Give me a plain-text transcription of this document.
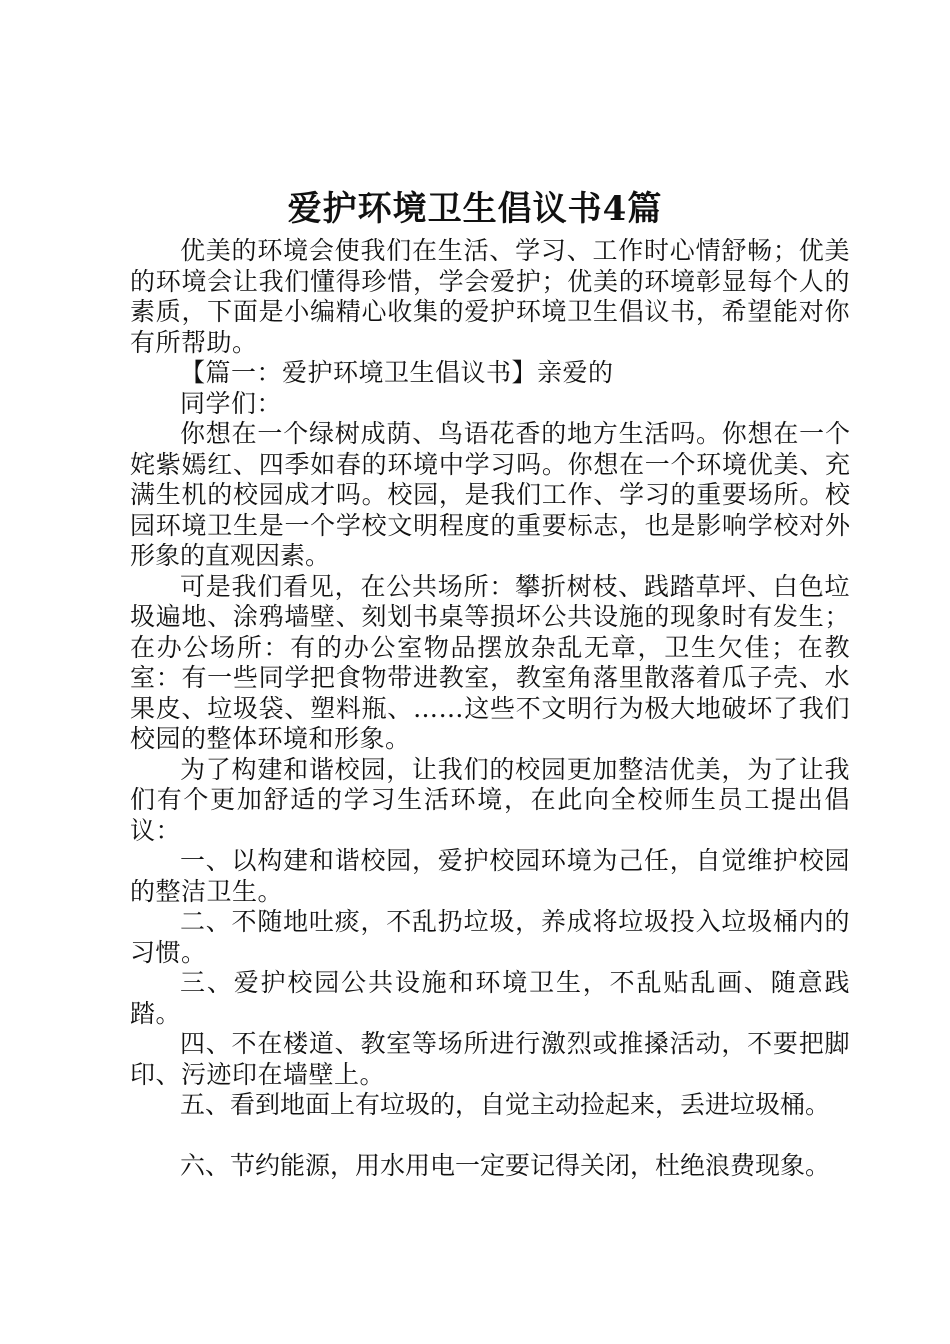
爱护环境卫生倡议书4篇

优美的环境会使我们在生活、学习、工作时心情舒畅；优美的环境会让我们懂得珍惜，学会爱护；优美的环境彰显每个人的素质，下面是小编精心收集的爱护环境卫生倡议书，希望能对你有所帮助。

【篇一：爱护环境卫生倡议书】亲爱的

同学们：

你想在一个绿树成荫、鸟语花香的地方生活吗。你想在一个姹紫嫣红、四季如春的环境中学习吗。你想在一个环境优美、充满生机的校园成才吗。校园，是我们工作、学习的重要场所。校园环境卫生是一个学校文明程度的重要标志，也是影响学校对外形象的直观因素。

可是我们看见，在公共场所：攀折树枝、践踏草坪、白色垃圾遍地、涂鸦墙壁、刻划书桌等损坏公共设施的现象时有发生；在办公场所：有的办公室物品摆放杂乱无章，卫生欠佳；在教室：有一些同学把食物带进教室，教室角落里散落着瓜子壳、水果皮、垃圾袋、塑料瓶、……这些不文明行为极大地破坏了我们校园的整体环境和形象。

为了构建和谐校园，让我们的校园更加整洁优美，为了让我们有个更加舒适的学习生活环境，在此向全校师生员工提出倡议：

一、以构建和谐校园，爱护校园环境为己任，自觉维护校园的整洁卫生。

二、不随地吐痰，不乱扔垃圾，养成将垃圾投入垃圾桶内的习惯。

三、爱护校园公共设施和环境卫生，不乱贴乱画、随意践踏。

四、不在楼道、教室等场所进行激烈或推搡活动，不要把脚印、污迹印在墙壁上。

五、看到地面上有垃圾的，自觉主动捡起来，丢进垃圾桶。

六、节约能源，用水用电一定要记得关闭，杜绝浪费现象。
